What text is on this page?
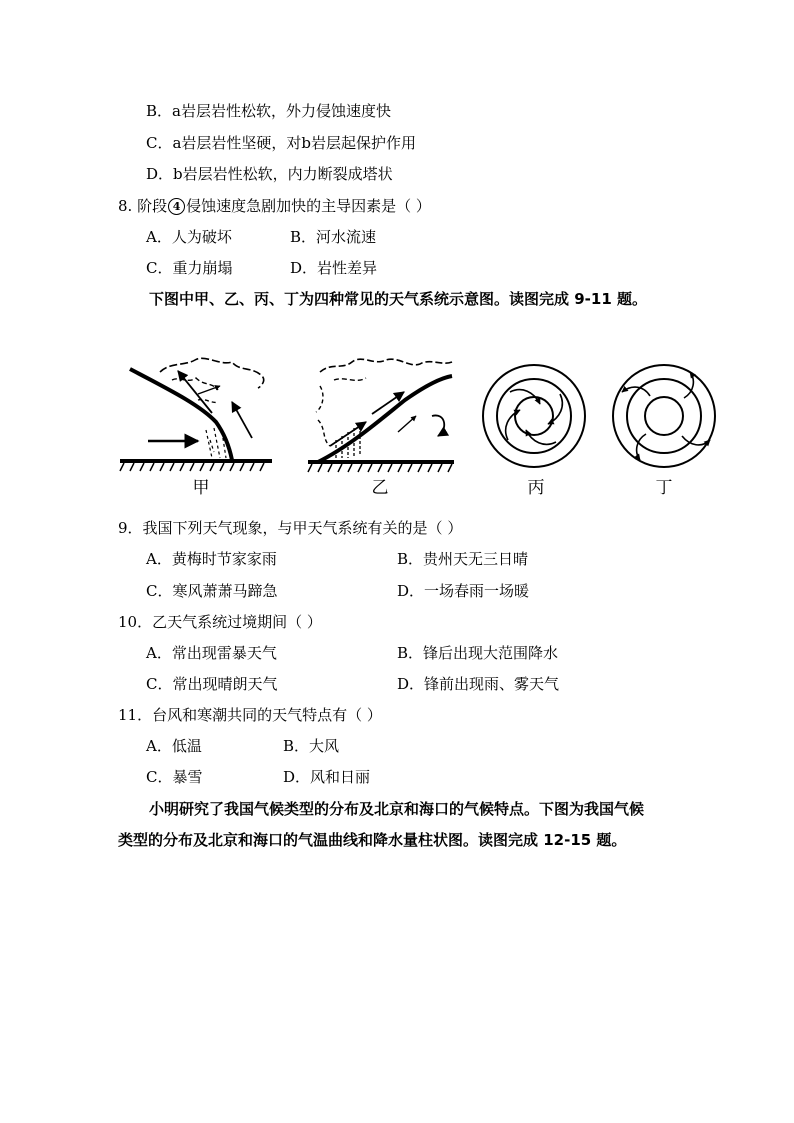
B．a岩层岩性松软，外力侵蚀速度快
C．a岩层岩性坚硬，对b岩层起保护作用
D．b岩层岩性松软，内力断裂成塔状
8. 阶段 4 侵蚀速度急剧加快的主导因素是（ ）
A．人为破坏	B．河水流速
C．重力崩塌	D．岩性差异
下图中甲、乙、丙、丁为四种常见的天气系统示意图。读图完成 9-11 题。
甲	乙	丙	丁
9．我国下列天气现象，与甲天气系统有关的是（ ）
A．黄梅时节家家雨	B．贵州天无三日晴
C．寒风萧萧马蹄急	D．一场春雨一场暖
10．乙天气系统过境期间（ ）
A．常出现雷暴天气	B．锋后出现大范围降水
C．常出现晴朗天气	D．锋前出现雨、雾天气
11．台风和寒潮共同的天气特点有（ ）
A．低温	B．大风
C．暴雪	D．风和日丽
小明研究了我国气候类型的分布及北京和海口的气候特点。下图为我国气候
类型的分布及北京和海口的气温曲线和降水量柱状图。读图完成 12-15 题。
